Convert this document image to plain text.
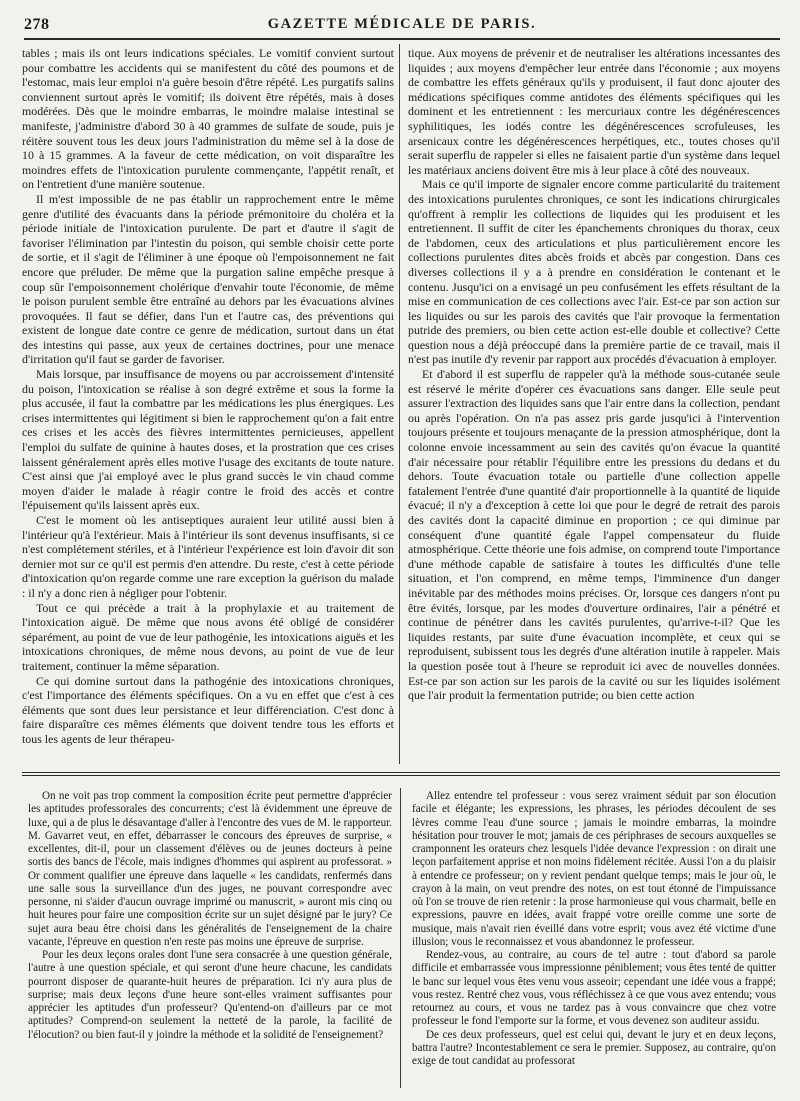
278	GAZETTE MÉDICALE DE PARIS.

tables ; mais ils ont leurs indications spéciales. Le vomitif convient surtout pour combattre les accidents qui se manifestent du côté des poumons et de l'estomac, mais leur emploi n'a guère besoin d'être répété. Les purgatifs salins conviennent surtout après le vomitif; ils doivent être répétés, mais à doses modérées. Dès que le moindre embarras, le moindre malaise intestinal se manifeste, j'administre d'abord 30 à 40 grammes de sulfate de soude, puis je réitère souvent tous les deux jours l'administration du même sel à la dose de 10 à 15 grammes. A la faveur de cette médication, on voit disparaître les moindres effets de l'intoxication purulente commençante, l'appétit renaît, et on l'entretient d'une manière soutenue.

Il m'est impossible de ne pas établir un rapprochement entre le même genre d'utilité des évacuants dans la période prémonitoire du choléra et la période initiale de l'intoxication purulente. De part et d'autre il s'agit de favoriser l'élimination par l'intestin du poison, qui semble choisir cette porte de sortie, et il s'agit de l'éliminer à une époque où l'empoisonnement ne fait encore que préluder. De même que la purgation saline empêche presque à coup sûr l'empoisonnement cholérique d'envahir toute l'économie, de même le poison purulent semble être entraîné au dehors par les évacuations alvines provoquées. Il faut se défier, dans l'un et l'autre cas, des préventions qui existent de longue date contre ce genre de médication, surtout dans un état des intestins qui passe, aux yeux de certaines doctrines, pour une menace d'irritation qu'il faut se garder de favoriser.

Mais lorsque, par insuffisance de moyens ou par accroissement d'intensité du poison, l'intoxication se réalise à son degré extrême et sous la forme la plus accusée, il faut la combattre par les médications les plus énergiques. Les crises intermittentes qui légitiment si bien le rapprochement qu'on a fait entre ces crises et les accès des fièvres intermittentes pernicieuses, appellent l'emploi du sulfate de quinine à hautes doses, et la prostration que ces crises laissent généralement après elles motive l'usage des excitants de toute nature. C'est ainsi que j'ai employé avec le plus grand succès le vin chaud comme moyen d'aider le malade à réagir contre le froid des accès et contre l'épuisement qu'ils laissent après eux.

C'est le moment où les antiseptiques auraient leur utilité aussi bien à l'intérieur qu'à l'extérieur. Mais à l'intérieur ils sont devenus insuffisants, si ce n'est complétement stériles, et à l'intérieur l'expérience est loin d'avoir dit son dernier mot sur ce qu'il est permis d'en attendre. Du reste, c'est à cette période d'intoxication qu'on regarde comme une rare exception la guérison du malade : il n'y a donc rien à négliger pour l'obtenir.

Tout ce qui précède a trait à la prophylaxie et au traitement de l'intoxication aiguë. De même que nous avons été obligé de considérer séparément, au point de vue de leur pathogénie, les intoxications aiguës et les intoxications chroniques, de même nous devons, au point de vue de leur traitement, continuer la même séparation.

Ce qui domine surtout dans la pathogénie des intoxications chroniques, c'est l'importance des éléments spécifiques. On a vu en effet que c'est à ces éléments que sont dues leur persistance et leur différenciation. C'est donc à faire disparaître ces mêmes éléments que doivent tendre tous les efforts et tous les agents de leur thérapeu-

tique. Aux moyens de prévenir et de neutraliser les altérations incessantes des liquides ; aux moyens d'empêcher leur entrée dans l'économie ; aux moyens de combattre les effets généraux qu'ils y produisent, il faut donc ajouter des médications spécifiques comme antidotes des éléments spécifiques qui les dominent et les entretiennent : les mercuriaux contre les dégénérescences syphilitiques, les iodés contre les dégénérescences scrofuleuses, les arsenicaux contre les dégénérescences herpétiques, etc., toutes choses qu'il serait superflu de rappeler si elles ne faisaient partie d'un système dans lequel les matériaux anciens doivent être mis à leur place à côté des nouveaux.

Mais ce qu'il importe de signaler encore comme particularité du traitement des intoxications purulentes chroniques, ce sont les indications chirurgicales qu'offrent à remplir les collections de liquides qui les produisent et les entretiennent. Il suffit de citer les épanchements chroniques du thorax, ceux de l'abdomen, ceux des articulations et plus particulièrement encore les collections purulentes dites abcès froids et abcès par congestion. Dans ces diverses collections il y a à prendre en considération le contenant et le contenu. Jusqu'ici on a envisagé un peu confusément les effets résultant de la mise en communication de ces collections avec l'air. Est-ce par son action sur les liquides ou sur les parois des cavités que l'air provoque la fermentation putride des premiers, ou bien cette action est-elle double et collective? Cette question nous a déjà préoccupé dans la première partie de ce travail, mais il n'est pas inutile d'y revenir par rapport aux procédés d'évacuation à employer.

Et d'abord il est superflu de rappeler qu'à la méthode sous-cutanée seule est réservé le mérite d'opérer ces évacuations sans danger. Elle seule peut assurer l'extraction des liquides sans que l'air entre dans la collection, pendant ou après l'opération. On n'a pas assez pris garde jusqu'ici à l'intervention toujours présente et toujours menaçante de la pression atmosphérique, dont la colonne envoie incessamment au sein des cavités qu'on évacue la quantité d'air nécessaire pour rétablir l'équilibre entre les pressions du dedans et du dehors. Toute évacuation totale ou partielle d'une collection appelle fatalement l'entrée d'une quantité d'air proportionnelle à la quantité de liquide évacué; il n'y a d'exception à cette loi que pour le degré de retrait des parois des cavités dont la capacité diminue en proportion ; ce qui diminue par conséquent d'une quantité égale l'appel compensateur du fluide atmosphérique. Cette théorie une fois admise, on comprend toute l'importance d'une méthode capable de satisfaire à toutes les difficultés d'une telle situation, et l'on comprend, en même temps, l'imminence d'un danger inévitable par des méthodes moins précises. Or, lorsque ces dangers n'ont pu être évités, lorsque, par les modes d'ouverture ordinaires, l'air a pénétré et continue de pénétrer dans les cavités purulentes, qu'arrive-t-il? Que les liquides restants, par suite d'une évacuation incomplète, et ceux qui se reproduisent, subissent tous les degrés d'une altération inutile à rappeler. Mais la question posée tout à l'heure se reproduit ici avec de nouvelles données. Est-ce par son action sur les parois de la cavité ou sur les liquides isolément que l'air produit la fermentation putride; ou bien cette action

On ne voit pas trop comment la composition écrite peut permettre d'apprécier les aptitudes professorales des concurrents; c'est là évidemment une épreuve de luxe, qui a de plus le désavantage d'aller à l'encontre des vues de M. le rapporteur. M. Gavarret veut, en effet, débarrasser le concours des épreuves de surprise, « excellentes, dit-il, pour un classement d'élèves ou de jeunes docteurs à peine sortis des bancs de l'école, mais indignes d'hommes qui aspirent au professorat. » Or comment qualifier une épreuve dans laquelle « les candidats, renfermés dans une salle sous la surveillance d'un des juges, ne pouvant correspondre avec personne, ni s'aider d'aucun ouvrage imprimé ou manuscrit, » auront mis cinq ou huit heures pour faire une composition écrite sur un sujet désigné par le jury? Ce sujet aura beau être choisi dans les généralités de l'enseignement de la chaire vacante, l'épreuve en question n'en reste pas moins une épreuve de surprise.

Pour les deux leçons orales dont l'une sera consacrée à une question générale, l'autre à une question spéciale, et qui seront d'une heure chacune, les candidats pourront disposer de quarante-huit heures de préparation. Ici n'y aura plus de surprise; mais deux leçons d'une heure sont-elles vraiment suffisantes pour apprécier les aptitudes d'un professeur? Qu'entend-on d'ailleurs par ce mot aptitudes? Comprend-on seulement la netteté de la parole, la facilité de l'élocution? ou bien faut-il y joindre la méthode et la solidité de l'enseignement?

Allez entendre tel professeur : vous serez vraiment séduit par son élocution facile et élégante; les expressions, les phrases, les périodes découlent de ses lèvres comme l'eau d'une source ; jamais le moindre embarras, la moindre hésitation pour trouver le mot; jamais de ces périphrases de secours auxquelles se cramponnent les orateurs chez lesquels l'idée devance l'expression : on dirait une leçon parfaitement apprise et non moins fidèlement récitée. Aussi l'on a du plaisir à entendre ce professeur; on y revient pendant quelque temps; mais le jour où, le crayon à la main, on veut prendre des notes, on est tout étonné de l'impuissance où l'on se trouve de rien retenir : la prose harmonieuse qui vous charmait, belle en expressions, pauvre en idées, avait frappé votre oreille comme une sorte de musique, mais n'avait rien éveillé dans votre esprit; vous avez été victime d'une illusion; vous le reconnaissez et vous abandonnez le professeur.

Rendez-vous, au contraire, au cours de tel autre : tout d'abord sa parole difficile et embarrassée vous impressionne péniblement; vous êtes tenté de quitter le banc sur lequel vous êtes venu vous asseoir; cependant une idée vous a frappé; vous restez. Rentré chez vous, vous réfléchissez à ce que vous avez entendu; vous retournez au cours, et vous ne tardez pas à vous convaincre que chez votre professeur le fond l'emporte sur la forme, et vous devenez son auditeur assidu.

De ces deux professeurs, quel est celui qui, devant le jury et en deux leçons, battra l'autre? Incontestablement ce sera le premier. Supposez, au contraire, qu'on exige de tout candidat au professorat
